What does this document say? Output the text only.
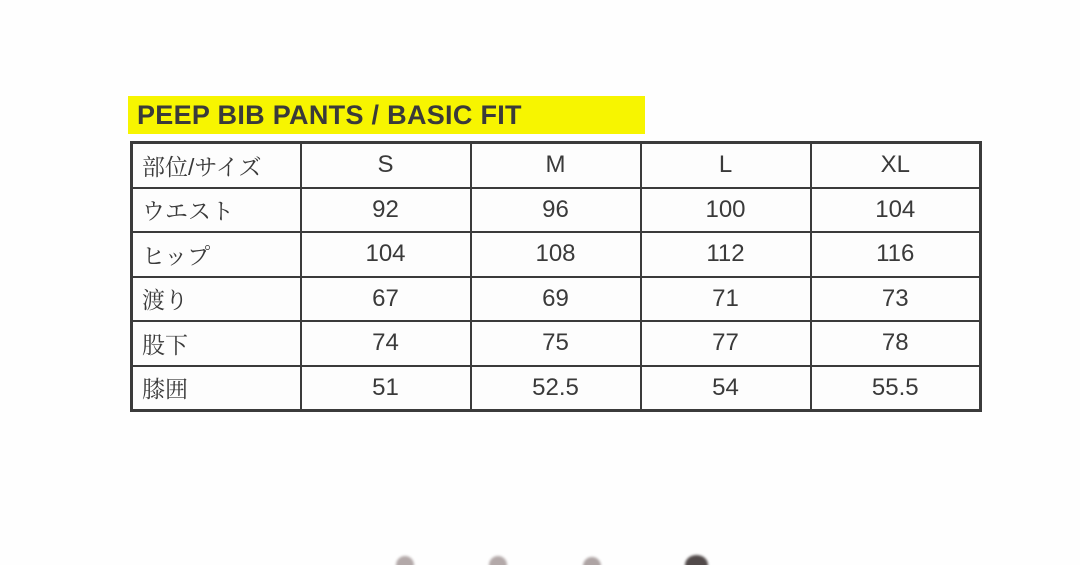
PEEP BIB PANTS / BASIC FIT
部位/サイズ	S	M	L	XL
ウエスト	92	96	100	104
ヒップ	104	108	112	116
渡り	67	69	71	73
股下	74	75	77	78
膝囲	51	52.5	54	55.5
